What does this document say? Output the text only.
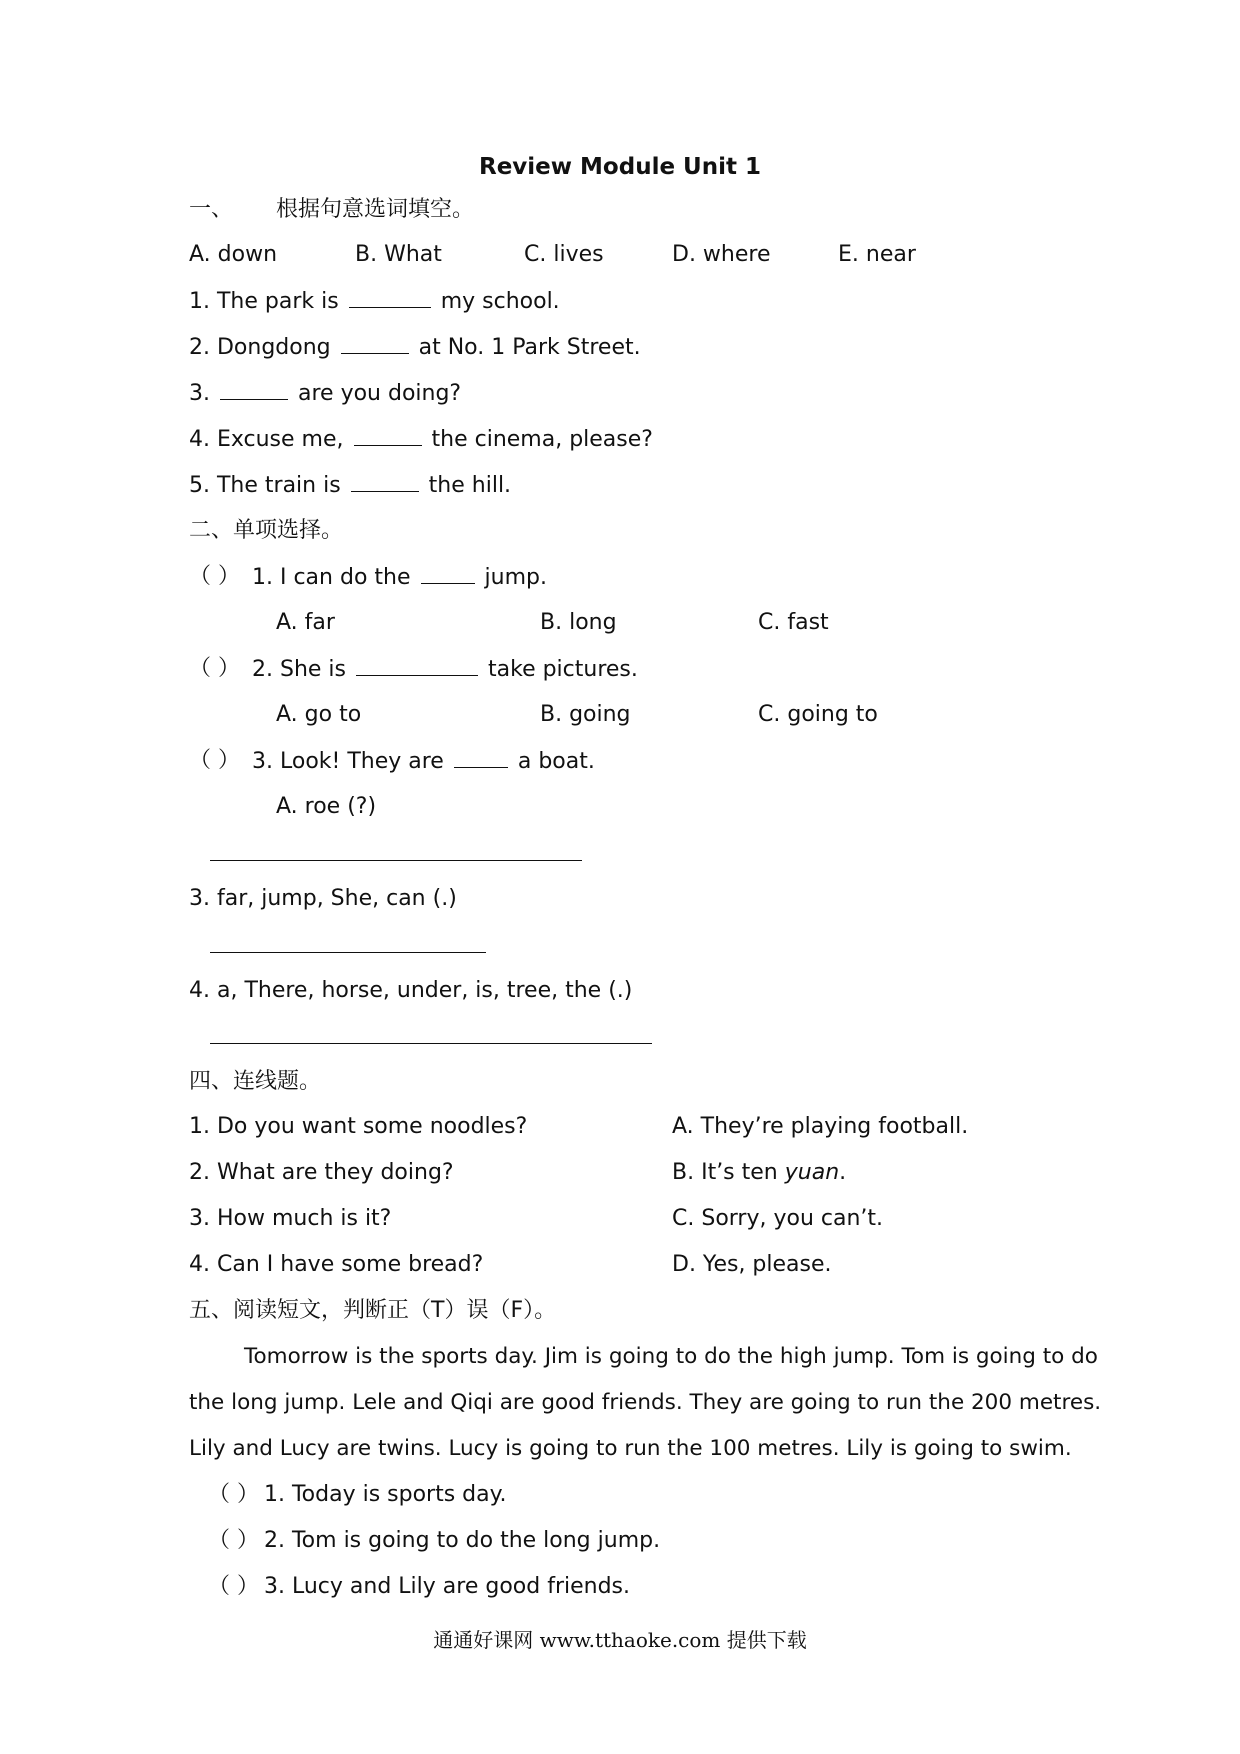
Review Module Unit 1
一、 根据句意选词填空。
A. down	B. What	C. lives	D. where	E. near
1. The park is	my school.
2. Dongdong	at No. 1 Park Street.
3.	are you doing?
4. Excuse me,	the cinema, please?
5. The train is	the hill.
二、单项选择。
（ ） 1. I can do the	jump.
A. far	B. long	C. fast
（ ） 2. She is	take pictures.
A. go to	B. going	C. going to
（ ） 3. Look! They are	a boat.
A. roe (?)
3. far, jump, She, can (.)
4. a, There, horse, under, is, tree, the (.)
四、连线题。
1. Do you want some noodles?	A. They’re playing football.
2. What are they doing?	B. It’s ten yuan.
3. How much is it?	C. Sorry, you can’t.
4. Can I have some bread?	D. Yes, please.
五、阅读短文，判断正（T）误（F）。
Tomorrow is the sports day. Jim is going to do the high jump. Tom is going to do
the long jump. Lele and Qiqi are good friends. They are going to run the 200 metres.
Lily and Lucy are twins. Lucy is going to run the 100 metres. Lily is going to swim.
（ ） 1. Today is sports day.
（ ） 2. Tom is going to do the long jump.
（ ） 3. Lucy and Lily are good friends.
通通好课网 www.tthaoke.com 提供下载
